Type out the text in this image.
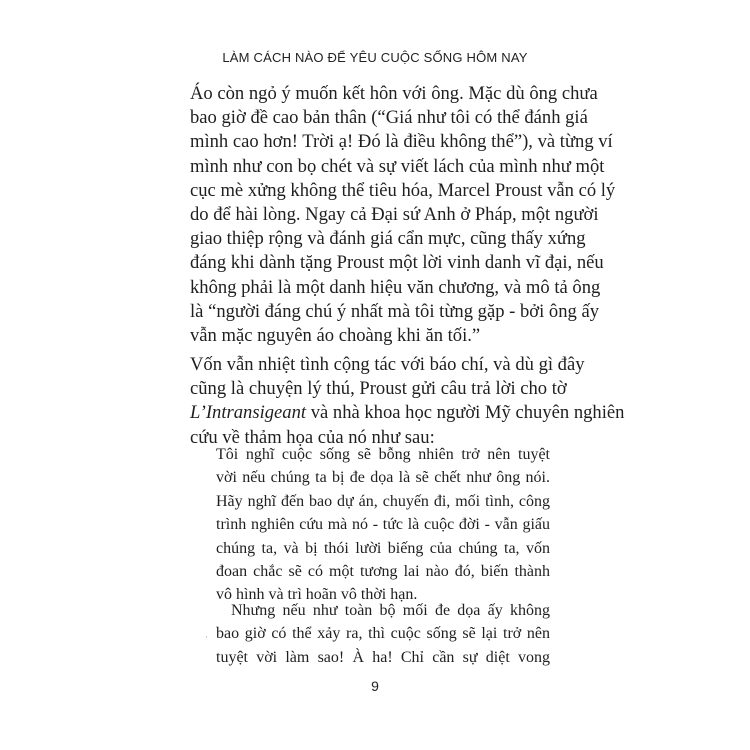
LÀM CÁCH NÀO ĐỂ YÊU CUỘC SỐNG HÔM NAY
Áo còn ngỏ ý muốn kết hôn với ông. Mặc dù ông chưa
bao giờ đề cao bản thân (“Giá như tôi có thể đánh giá
mình cao hơn! Trời ạ! Đó là điều không thể”), và từng ví
mình như con bọ chét và sự viết lách của mình như một
cục mè xửng không thể tiêu hóa, Marcel Proust vẫn có lý
do để hài lòng. Ngay cả Đại sứ Anh ở Pháp, một người
giao thiệp rộng và đánh giá cẩn mực, cũng thấy xứng
đáng khi dành tặng Proust một lời vinh danh vĩ đại, nếu
không phải là một danh hiệu văn chương, và mô tả ông
là “người đáng chú ý nhất mà tôi từng gặp - bởi ông ấy
vẫn mặc nguyên áo choàng khi ăn tối.”
Vốn vẫn nhiệt tình cộng tác với báo chí, và dù gì đây
cũng là chuyện lý thú, Proust gửi câu trả lời cho tờ
L’Intransigeant và nhà khoa học người Mỹ chuyên nghiên
cứu về thảm họa của nó như sau:
Tôi nghĩ cuộc sống sẽ bỗng nhiên trở nên tuyệt
vời nếu chúng ta bị đe dọa là sẽ chết như ông nói.
Hãy nghĩ đến bao dự án, chuyến đi, mối tình, công
trình nghiên cứu mà nó - tức là cuộc đời - vẫn giấu
chúng ta, và bị thói lười biếng của chúng ta, vốn
đoan chắc sẽ có một tương lai nào đó, biến thành
vô hình và trì hoãn vô thời hạn.
Nhưng nếu như toàn bộ mối đe dọa ấy không
bao giờ có thể xảy ra, thì cuộc sống sẽ lại trở nên
tuyệt vời làm sao! À ha! Chỉ cần sự diệt vong
·
9
